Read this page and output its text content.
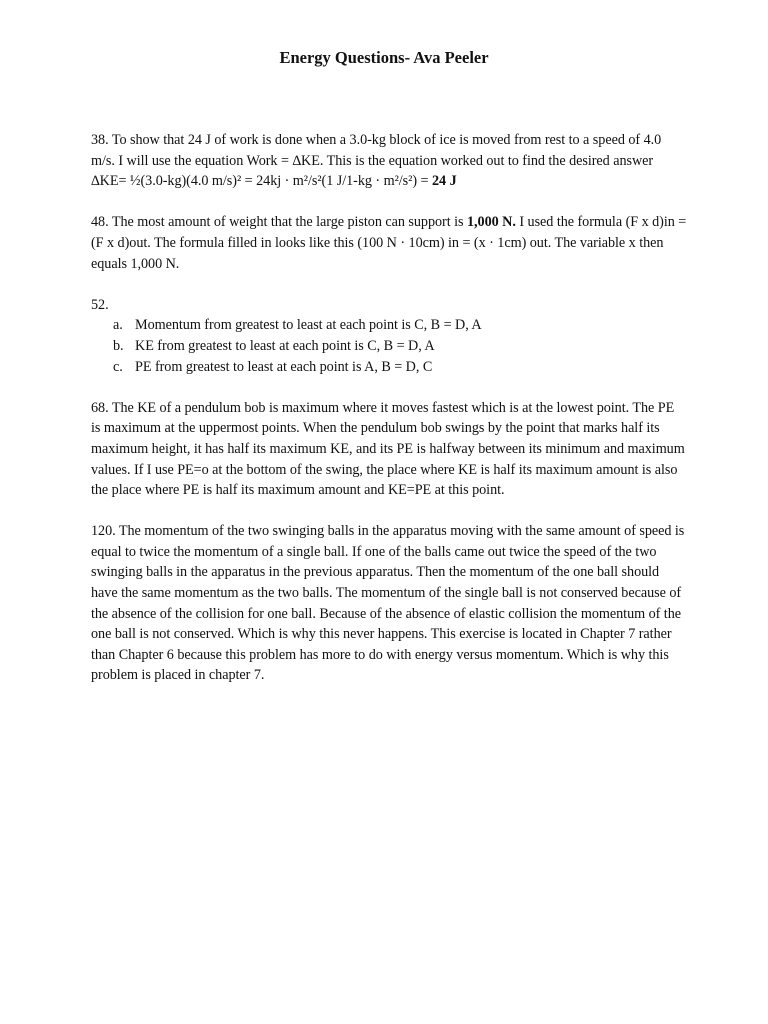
Energy Questions- Ava Peeler

38. To show that 24 J of work is done when a 3.0-kg block of ice is moved from rest to a speed of 4.0 m/s. I will use the equation Work = ∆KE. This is the equation worked out to find the desired answer ∆KE= ½(3.0-kg)(4.0 m/s)² = 24kj · m²/s²(1 J/1-kg · m²/s²) = 24 J

48. The most amount of weight that the large piston can support is 1,000 N. I used the formula (F x d)in = (F x d)out. The formula filled in looks like this (100 N · 10cm) in = (x · 1cm) out. The variable x then equals 1,000 N.

52.
a. Momentum from greatest to least at each point is C, B = D, A
b. KE from greatest to least at each point is C, B = D, A
c. PE from greatest to least at each point is A, B = D, C

68. The KE of a pendulum bob is maximum where it moves fastest which is at the lowest point. The PE is maximum at the uppermost points. When the pendulum bob swings by the point that marks half its maximum height, it has half its maximum KE, and its PE is halfway between its minimum and maximum values. If I use PE=o at the bottom of the swing, the place where KE is half its maximum amount is also the place where PE is half its maximum amount and KE=PE at this point.

120. The momentum of the two swinging balls in the apparatus moving with the same amount of speed is equal to twice the momentum of a single ball. If one of the balls came out twice the speed of the two swinging balls in the apparatus in the previous apparatus. Then the momentum of the one ball should have the same momentum as the two balls. The momentum of the single ball is not conserved because of the absence of the collision for one ball. Because of the absence of elastic collision the momentum of the one ball is not conserved. Which is why this never happens. This exercise is located in Chapter 7 rather than Chapter 6 because this problem has more to do with energy versus momentum. Which is why this problem is placed in chapter 7.
